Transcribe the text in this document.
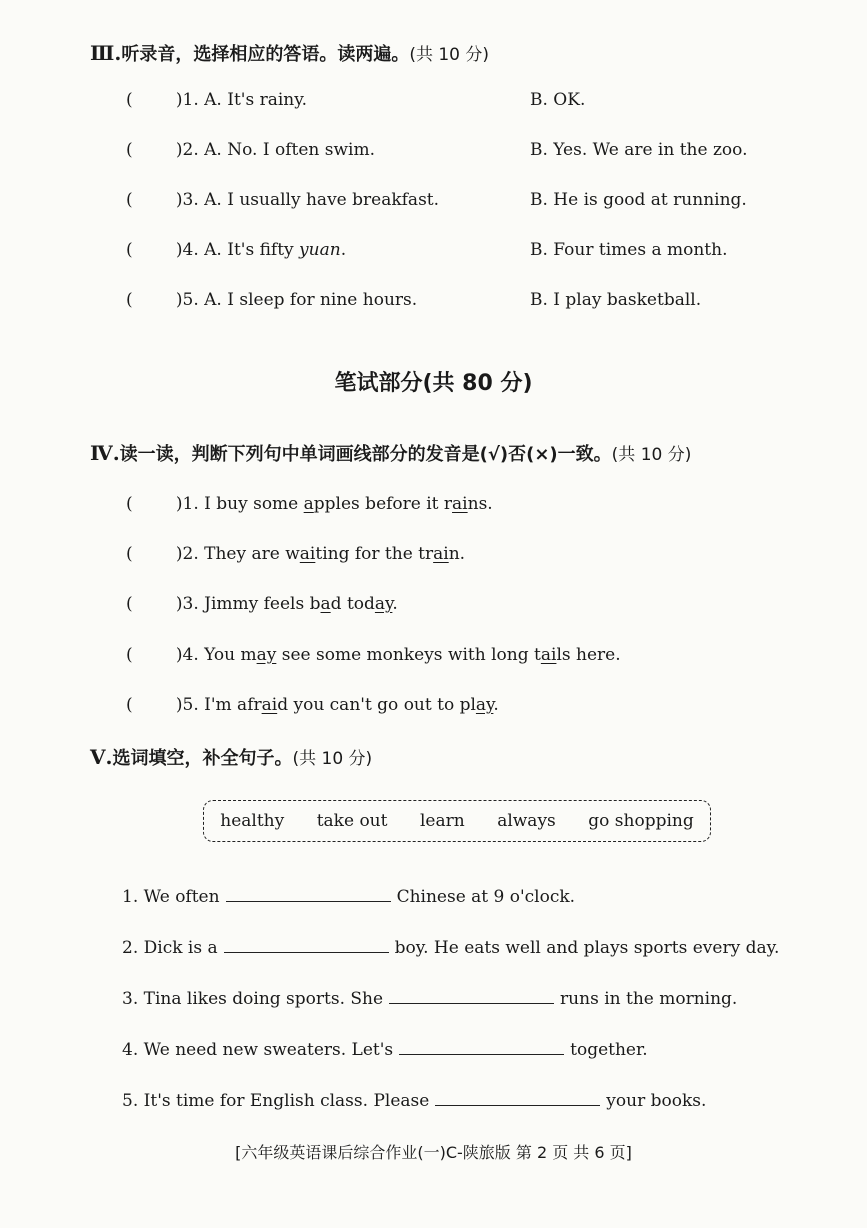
Ⅲ.听录音，选择相应的答语。读两遍。(共 10 分)
(        )1. A. It's rainy.	B. OK.
(        )2. A. No. I often swim.	B. Yes. We are in the zoo.
(        )3. A. I usually have breakfast.	B. He is good at running.
(        )4. A. It's fifty yuan.	B. Four times a month.
(        )5. A. I sleep for nine hours.	B. I play basketball.
笔试部分(共 80 分)
Ⅳ.读一读，判断下列句中单词画线部分的发音是(√)否(×)一致。(共 10 分)
(        )1. I buy some apples before it rains.
(        )2. They are waiting for the train.
(        )3. Jimmy feels bad today.
(        )4. You may see some monkeys with long tails here.
(        )5. I'm afraid you can't go out to play.
Ⅴ.选词填空，补全句子。(共 10 分)
healthy take out learn always go shopping
1. We often	Chinese at 9 o'clock.
2. Dick is a	boy. He eats well and plays sports every day.
3. Tina likes doing sports. She	runs in the morning.
4. We need new sweaters. Let's	together.
5. It's time for English class. Please	your books.
[六年级英语课后综合作业(一)C-陕旅版 第 2 页 共 6 页]
